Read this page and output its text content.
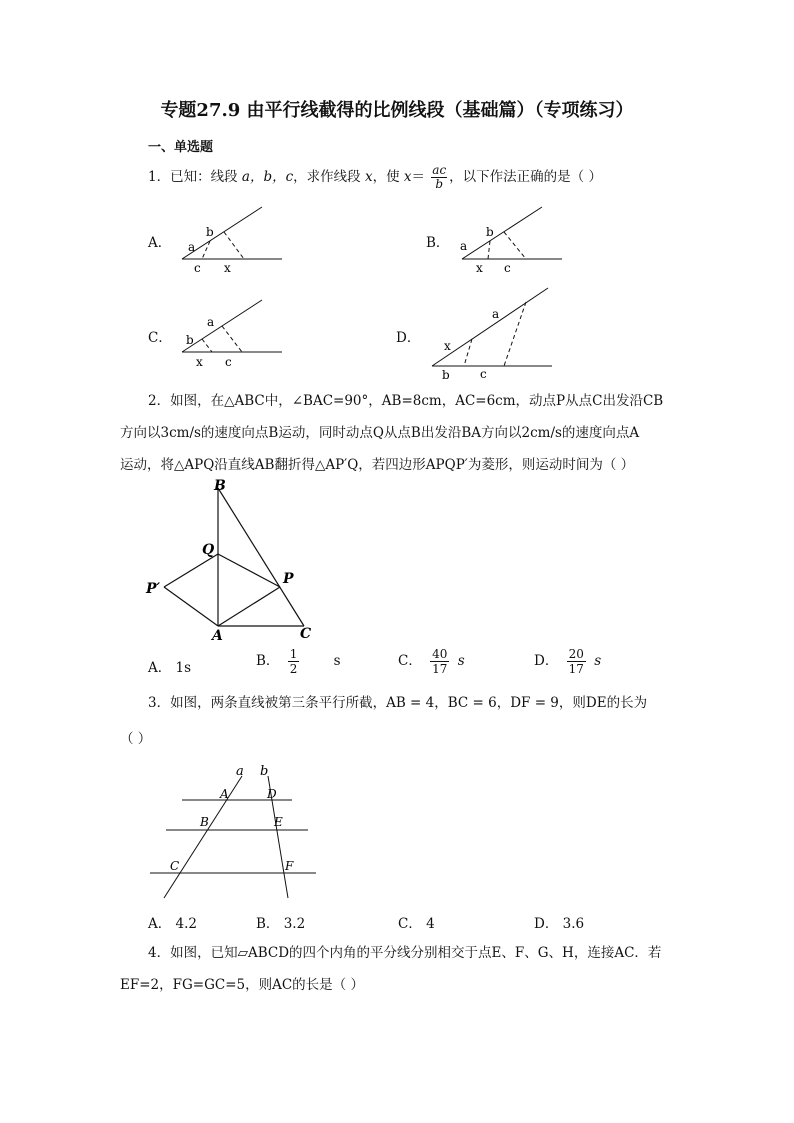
专题27.9 由平行线截得的比例线段（基础篇）（专项练习）
一、单选题
1．已知：线段 a，b，c，求作线段 x，使 $x= \frac{ac}{b}$ ，以下作法正确的是（ ）
A． a
b
c x
B． a
b
x c
C． b
a
x c
D． x
a
b	c
2．如图，在△ABC中，∠BAC=90°，AB=8cm，AC=6cm，动点P从点C出发沿CB
方向以3cm/s的速度向点B运动，同时动点Q从点B出发沿BA方向以2cm/s的速度向点A
运动，将△APQ沿直线AB翻折得△AP′Q，若四边形APQP′为菱形，则运动时间为（ ）
B
Q
P′
P
A	C
A． 1s	B． $\frac{1}{2}$	s	C． $\frac{40}{17}$ s	D． $\frac{20}{17}$ s
3．如图，两条直线被第三条平行所截，AB = 4，BC = 6，DF = 9，则DE的长为
（ ）
a b
A	D
B	E
C	F
A． 4.2	B． 3.2	C． 4	D． 3.6
4．如图，已知▱ABCD的四个内角的平分线分别相交于点E、F、G、H，连接AC．若
EF=2，FG=GC=5，则AC的长是（ ）
